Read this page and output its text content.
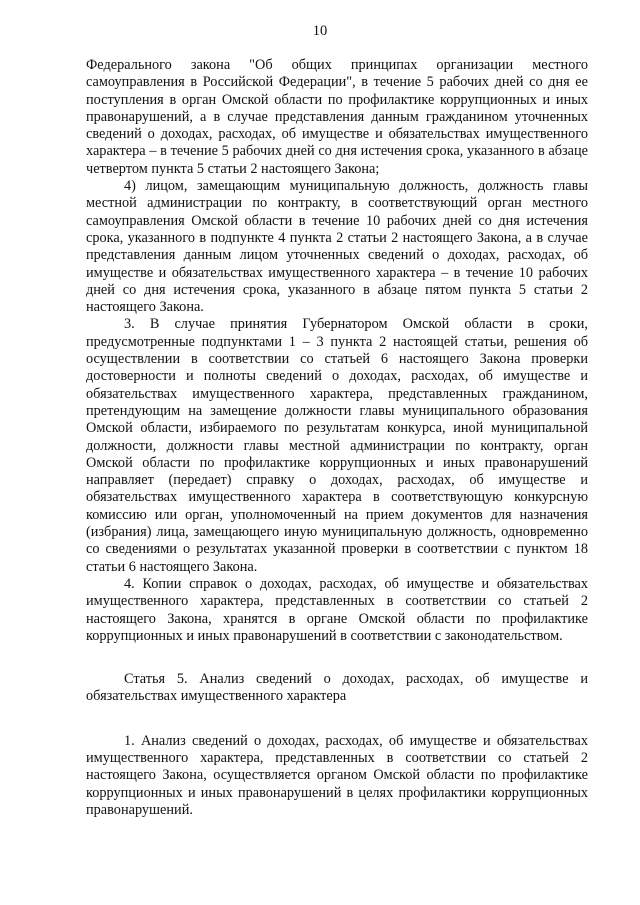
10

Федерального закона "Об общих принципах организации местного самоуправления в Российской Федерации", в течение 5 рабочих дней со дня ее поступления в орган Омской области по профилактике коррупционных и иных правонарушений, а в случае представления данным гражданином уточненных сведений о доходах, расходах, об имуществе и обязательствах имущественного характера – в течение 5 рабочих дней со дня истечения срока, указанного в абзаце четвертом пункта 5 статьи 2 настоящего Закона;

4) лицом, замещающим муниципальную должность, должность главы местной администрации по контракту, в соответствующий орган местного самоуправления Омской области в течение 10 рабочих дней со дня истечения срока, указанного в подпункте 4 пункта 2 статьи 2 настоящего Закона, а в случае представления данным лицом уточненных сведений о доходах, расходах, об имуществе и обязательствах имущественного характера – в течение 10 рабочих дней со дня истечения срока, указанного в абзаце пятом пункта 5 статьи 2 настоящего Закона.

3. В случае принятия Губернатором Омской области в сроки, предусмотренные подпунктами 1 – 3 пункта 2 настоящей статьи, решения об осуществлении в соответствии со статьей 6 настоящего Закона проверки достоверности и полноты сведений о доходах, расходах, об имуществе и обязательствах имущественного характера, представленных гражданином, претендующим на замещение должности главы муниципального образования Омской области, избираемого по результатам конкурса, иной муниципальной должности, должности главы местной администрации по контракту, орган Омской области по профилактике коррупционных и иных правонарушений направляет (передает) справку о доходах, расходах, об имуществе и обязательствах имущественного характера в соответствующую конкурсную комиссию или орган, уполномоченный на прием документов для назначения (избрания) лица, замещающего иную муниципальную должность, одновременно со сведениями о результатах указанной проверки в соответствии с пунктом 18 статьи 6 настоящего Закона.

4. Копии справок о доходах, расходах, об имуществе и обязательствах имущественного характера, представленных в соответствии со статьей 2 настоящего Закона, хранятся в органе Омской области по профилактике коррупционных и иных правонарушений в соответствии с законодательством.

Статья 5. Анализ сведений о доходах, расходах, об имуществе и обязательствах имущественного характера

1. Анализ сведений о доходах, расходах, об имуществе и обязательствах имущественного характера, представленных в соответствии со статьей 2 настоящего Закона, осуществляется органом Омской области по профилактике коррупционных и иных правонарушений в целях профилактики коррупционных правонарушений.
